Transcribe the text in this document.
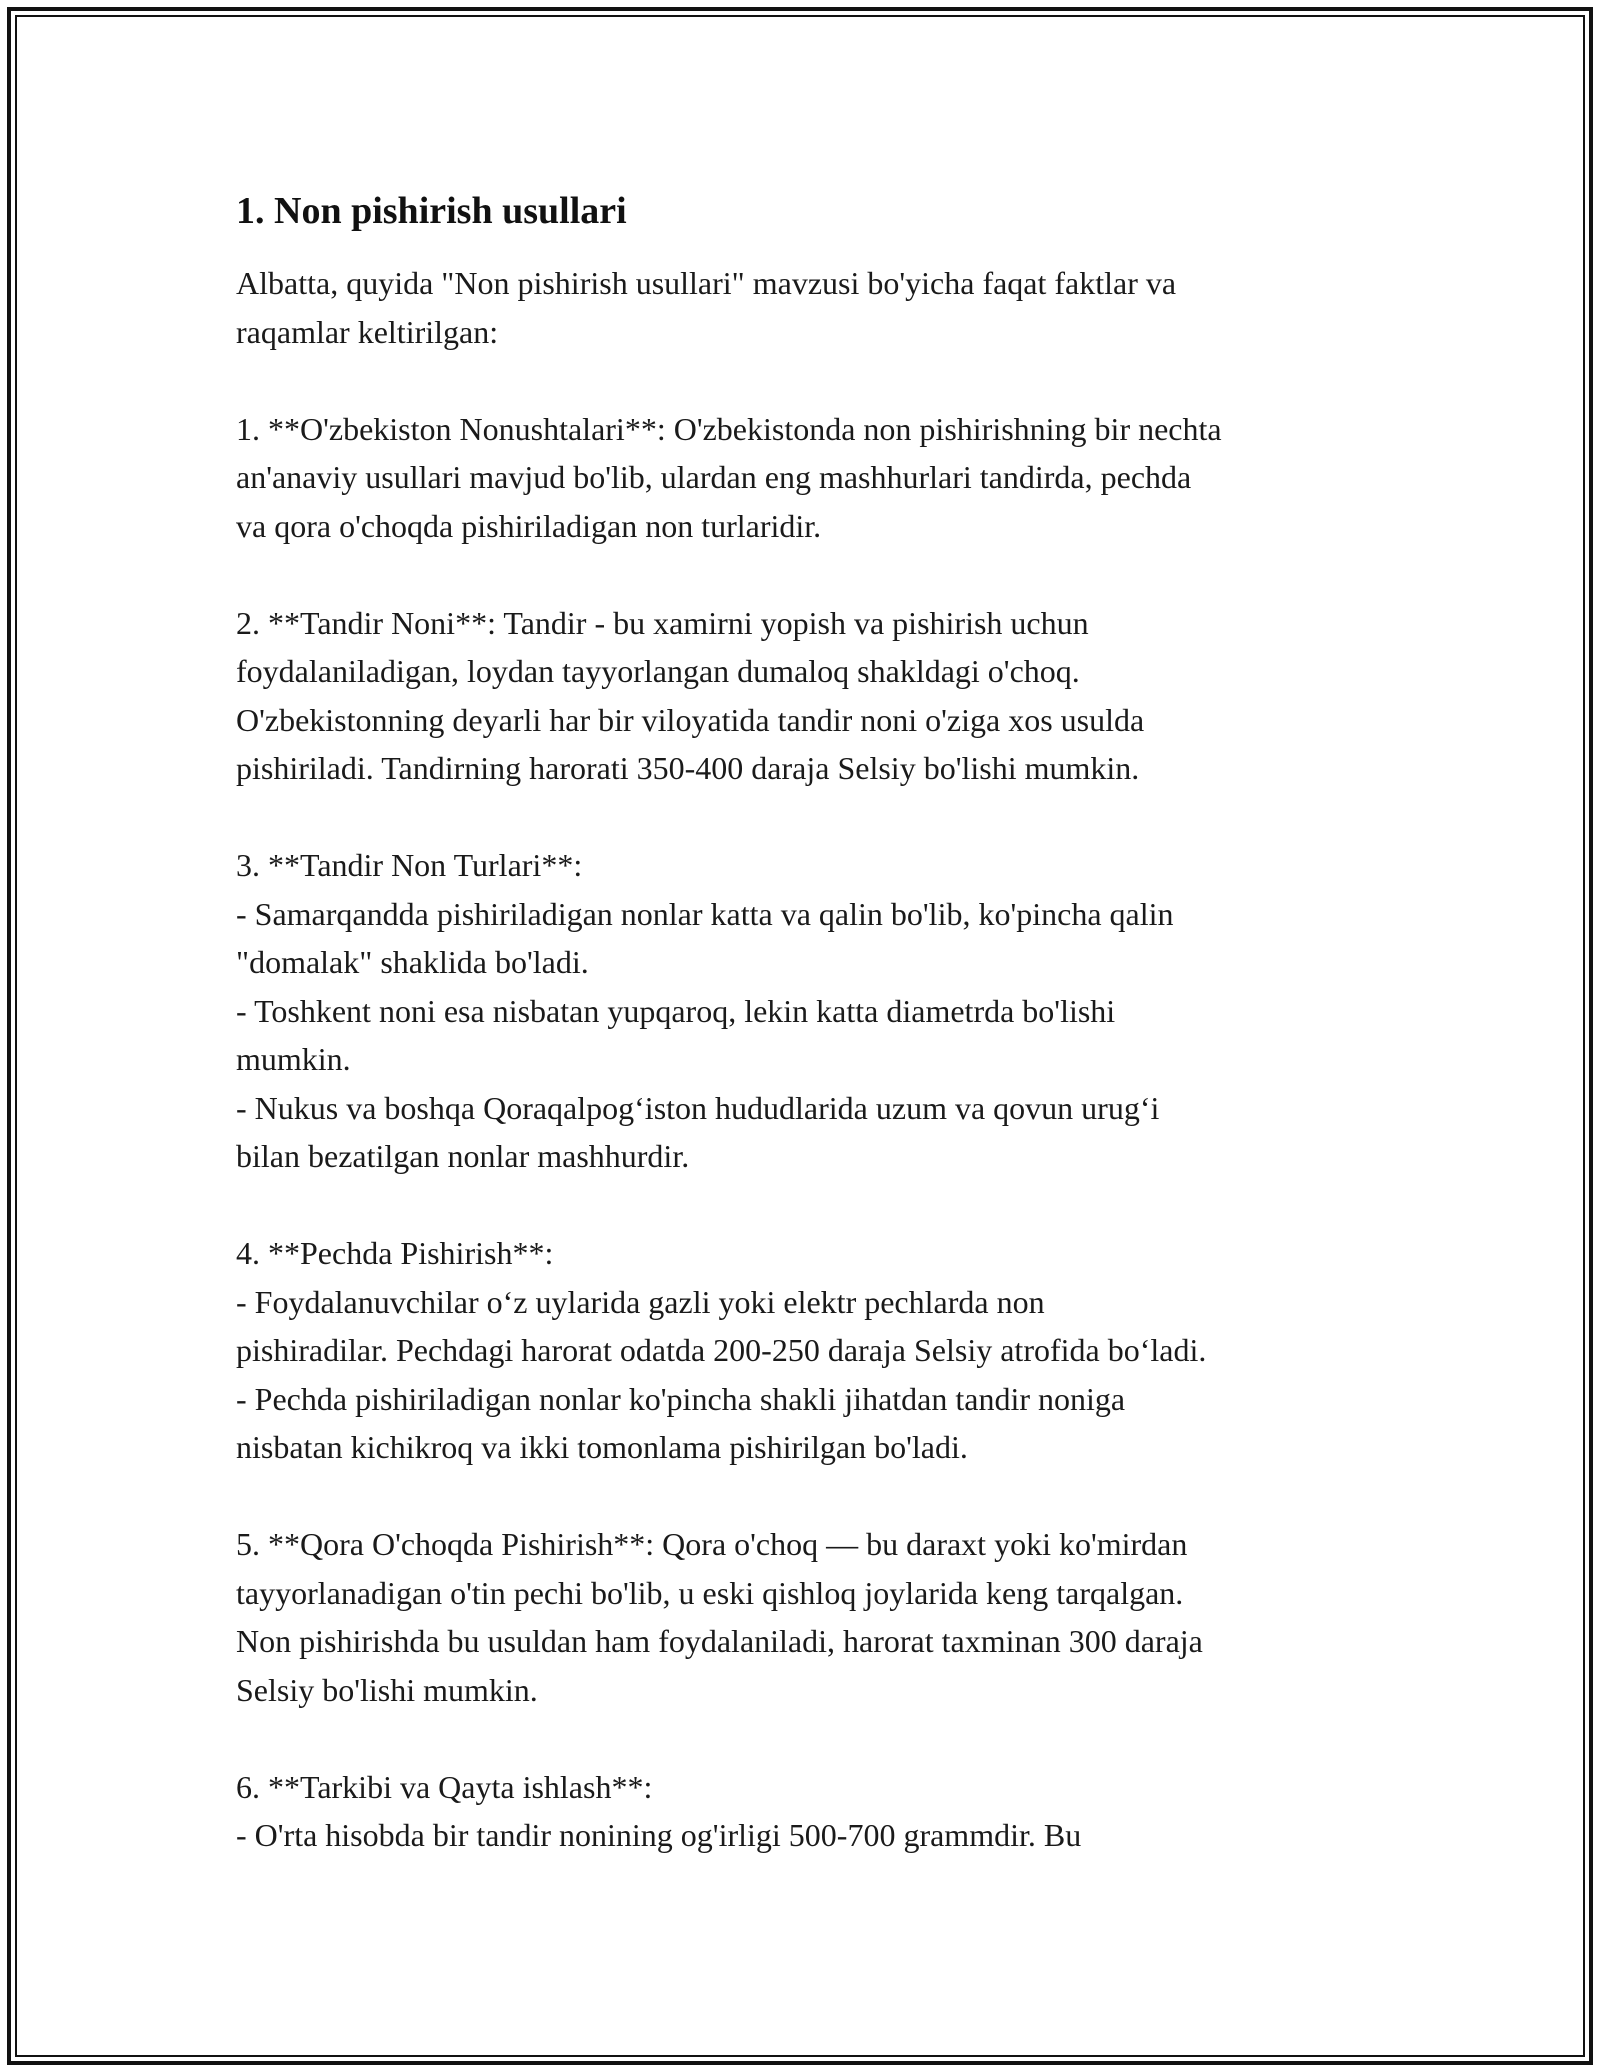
1. Non pishirish usullari

Albatta, quyida "Non pishirish usullari" mavzusi bo'yicha faqat faktlar va
raqamlar keltirilgan:

1. **O'zbekiston Nonushtalari**: O'zbekistonda non pishirishning bir nechta
an'anaviy usullari mavjud bo'lib, ulardan eng mashhurlari tandirda, pechda
va qora o'choqda pishiriladigan non turlaridir.

2. **Tandir Noni**: Tandir - bu xamirni yopish va pishirish uchun
foydalaniladigan, loydan tayyorlangan dumaloq shakldagi o'choq.
O'zbekistonning deyarli har bir viloyatida tandir noni o'ziga xos usulda
pishiriladi. Tandirning harorati 350-400 daraja Selsiy bo'lishi mumkin.

3. **Tandir Non Turlari**:
- Samarqandda pishiriladigan nonlar katta va qalin bo'lib, ko'pincha qalin
"domalak" shaklida bo'ladi.
- Toshkent noni esa nisbatan yupqaroq, lekin katta diametrda bo'lishi
mumkin.
- Nukus va boshqa Qoraqalpog‘iston hududlarida uzum va qovun urug‘i
bilan bezatilgan nonlar mashhurdir.

4. **Pechda Pishirish**:
- Foydalanuvchilar o‘z uylarida gazli yoki elektr pechlarda non
pishiradilar. Pechdagi harorat odatda 200-250 daraja Selsiy atrofida bo‘ladi.
- Pechda pishiriladigan nonlar ko'pincha shakli jihatdan tandir noniga
nisbatan kichikroq va ikki tomonlama pishirilgan bo'ladi.

5. **Qora O'choqda Pishirish**: Qora o'choq — bu daraxt yoki ko'mirdan
tayyorlanadigan o'tin pechi bo'lib, u eski qishloq joylarida keng tarqalgan.
Non pishirishda bu usuldan ham foydalaniladi, harorat taxminan 300 daraja
Selsiy bo'lishi mumkin.

6. **Tarkibi va Qayta ishlash**:
- O'rta hisobda bir tandir nonining og'irligi 500-700 grammdir. Bu
